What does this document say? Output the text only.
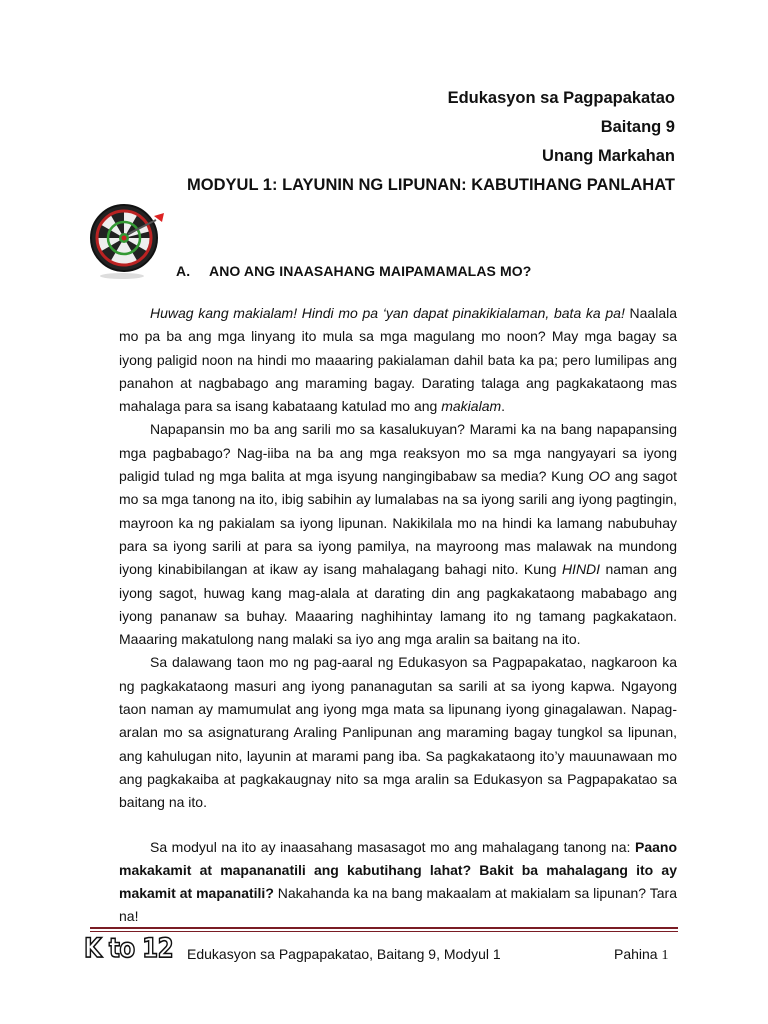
Edukasyon sa Pagpapakatao
Baitang 9
Unang Markahan
MODYUL 1: LAYUNIN NG LIPUNAN: KABUTIHANG PANLAHAT
A. ANO ANG INAASAHANG MAIPAMAMALAS MO?

Huwag kang makialam! Hindi mo pa ‘yan dapat pinakikialaman, bata ka pa! Naalala mo pa ba ang mga linyang ito mula sa mga magulang mo noon? May mga bagay sa iyong paligid noon na hindi mo maaaring pakialaman dahil bata ka pa; pero lumilipas ang panahon at nagbabago ang maraming bagay. Darating talaga ang pagkakataong mas mahalaga para sa isang kabataang katulad mo ang makialam.

Napapansin mo ba ang sarili mo sa kasalukuyan? Marami ka na bang napapansing mga pagbabago? Nag-iiba na ba ang mga reaksyon mo sa mga nangyayari sa iyong paligid tulad ng mga balita at mga isyung nangingibabaw sa media? Kung OO ang sagot mo sa mga tanong na ito, ibig sabihin ay lumalabas na sa iyong sarili ang iyong pagtingin, mayroon ka ng pakialam sa iyong lipunan. Nakikilala mo na hindi ka lamang nabubuhay para sa iyong sarili at para sa iyong pamilya, na mayroong mas malawak na mundong iyong kinabibilangan at ikaw ay isang mahalagang bahagi nito. Kung HINDI naman ang iyong sagot, huwag kang mag-alala at darating din ang pagkakataong mababago ang iyong pananaw sa buhay. Maaaring naghihintay lamang ito ng tamang pagkakataon. Maaaring makatulong nang malaki sa iyo ang mga aralin sa baitang na ito.

Sa dalawang taon mo ng pag-aaral ng Edukasyon sa Pagpapakatao, nagkaroon ka ng pagkakataong masuri ang iyong pananagutan sa sarili at sa iyong kapwa. Ngayong taon naman ay mamumulat ang iyong mga mata sa lipunang iyong ginagalawan. Napag-aralan mo sa asignaturang Araling Panlipunan ang maraming bagay tungkol sa lipunan, ang kahulugan nito, layunin at marami pang iba. Sa pagkakataong ito’y mauunawaan mo ang pagkakaiba at pagkakaugnay nito sa mga aralin sa Edukasyon sa Pagpapakatao sa baitang na ito.

Sa modyul na ito ay inaasahang masasagot mo ang mahalagang tanong na: Paano makakamit at mapananatili ang kabutihang lahat? Bakit ba mahalagang ito ay makamit at mapanatili? Nakahanda ka na bang makaalam at makialam sa lipunan? Tara na!

K to 12 Edukasyon sa Pagpapakatao, Baitang 9, Modyul 1	Pahina 1
